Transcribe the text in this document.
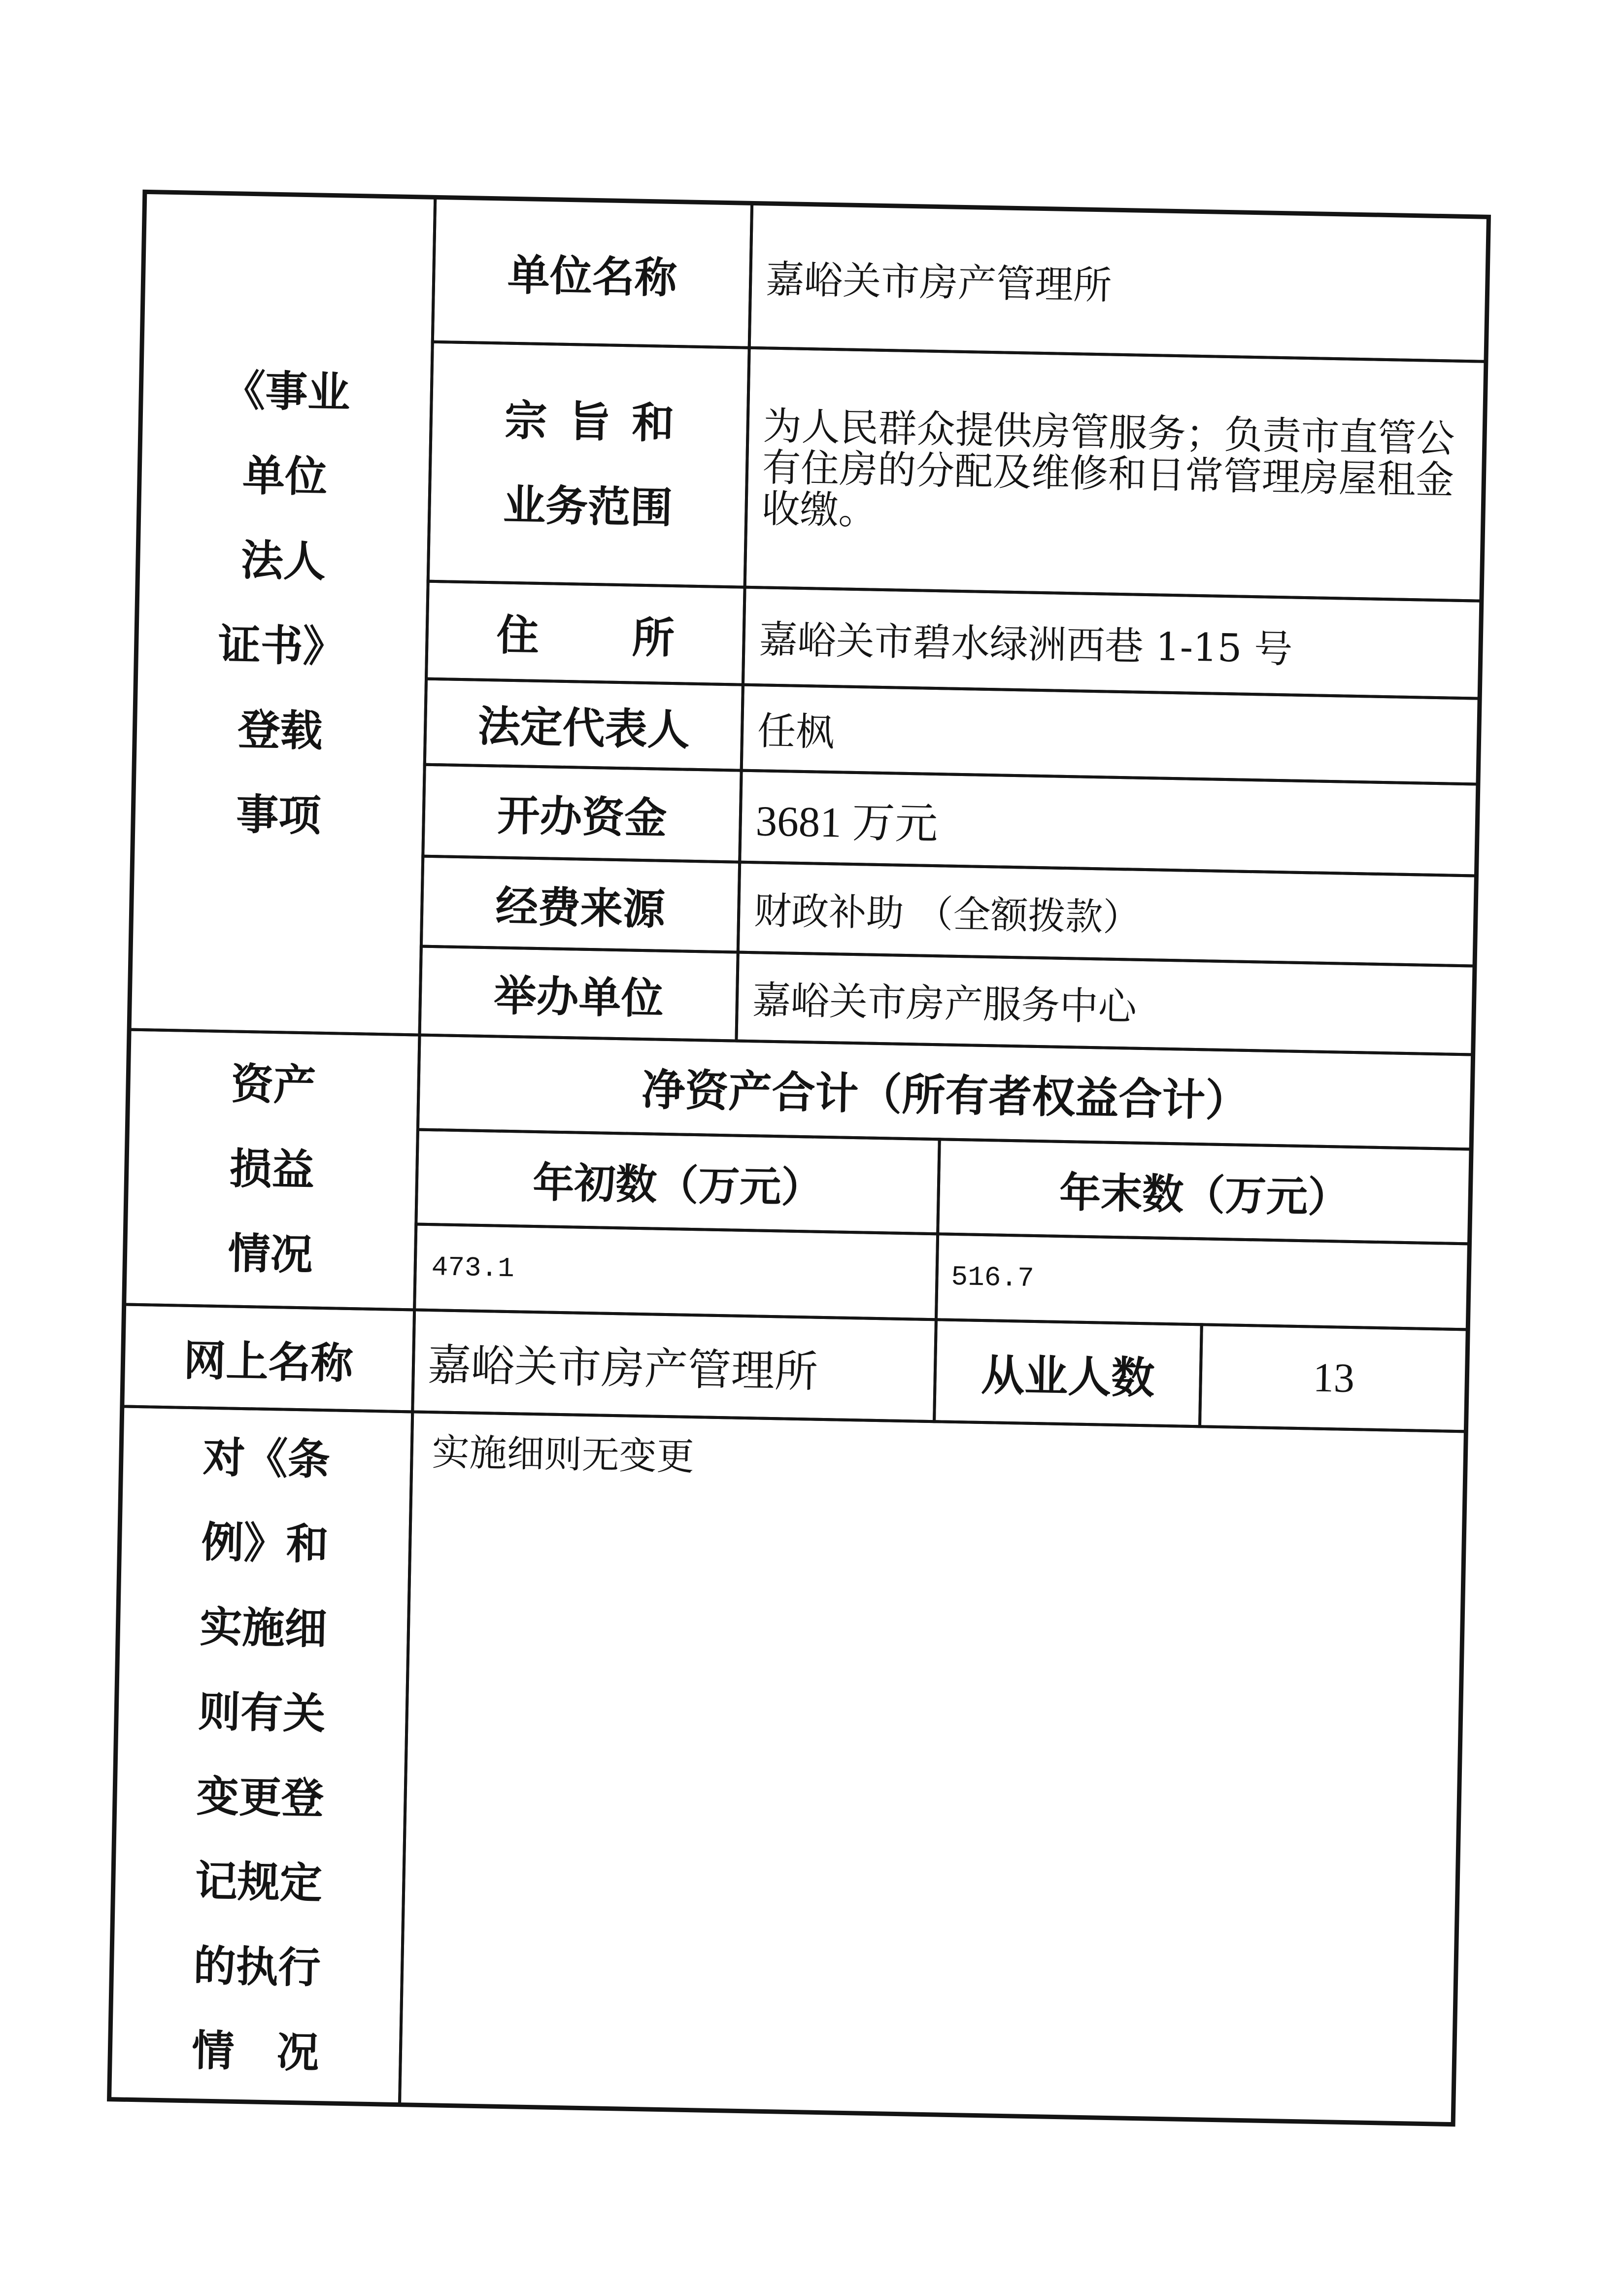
《事业
单位
法人
证书》
登载
事项
单位名称 嘉峪关市房产管理所
宗 旨 和
业务范围
为人民群众提供房管服务；负责市直管公有住房的分配及维修和日常管理房屋租金收缴。
住 所 嘉峪关市碧水绿洲西巷 1-15 号
法定代表人 任枫
开办资金 3681 万元
经费来源 财政补助 （全额拨款）
举办单位 嘉峪关市房产服务中心
资产
损益
情况
净资产合计（所有者权益合计）
年初数（万元）	年末数（万元）
473.1	516.7
网上名称 嘉峪关市房产管理所	从业人数	13
对《条
例》和
实施细
则有关
变更登
记规定
的执行
情 况
实施细则无变更
